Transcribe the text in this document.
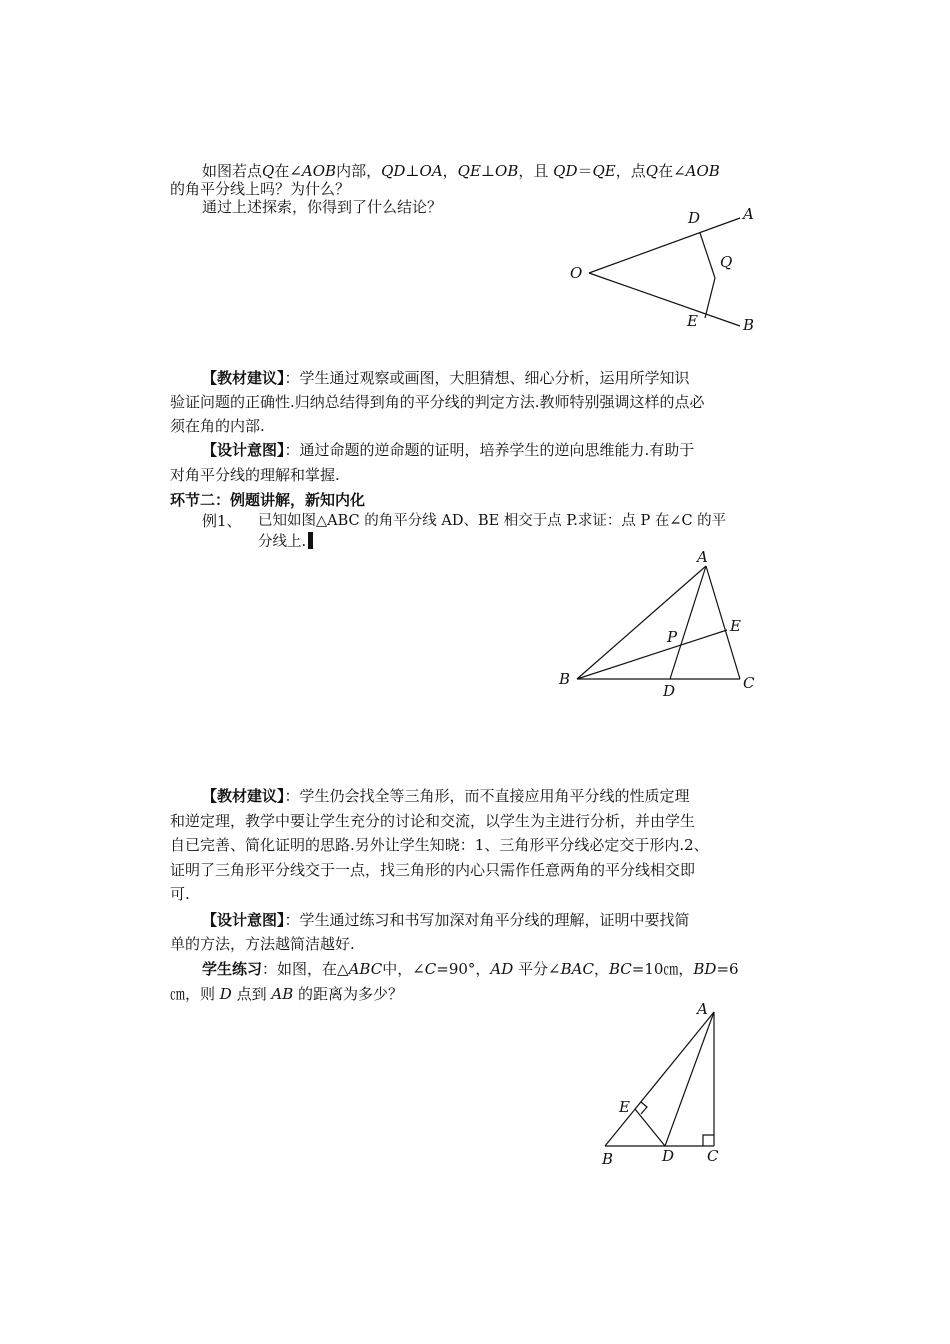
如图若点Q在∠AOB内部，QD⊥OA，QE⊥OB，且 QD＝QE，点Q在∠AOB
的角平分线上吗？为什么？
通过上述探索，你得到了什么结论？
O
A
B
D
E
Q
【教材建议】：学生通过观察或画图，大胆猜想、细心分析，运用所学知识
验证问题的正确性.归纳总结得到角的平分线的判定方法.教师特别强调这样的点必
须在角的内部.
【设计意图】：通过命题的逆命题的证明，培养学生的逆向思维能力.有助于
对角平分线的理解和掌握.
环节二：例题讲解，新知内化
例1、 已知如图△ABC 的角平分线 AD、BE 相交于点 P.求证：点 P 在∠C 的平
分线上.
A
B	C
D
E
P
【教材建议】：学生仍会找全等三角形，而不直接应用角平分线的性质定理
和逆定理，教学中要让学生充分的讨论和交流，以学生为主进行分析，并由学生
自已完善、简化证明的思路.另外让学生知晓：1、三角形平分线必定交于形内.2、
证明了三角形平分线交于一点，找三角形的内心只需作任意两角的平分线相交即
可.
【设计意图】：学生通过练习和书写加深对角平分线的理解，证明中要找简
单的方法，方法越简洁越好.
学生练习：如图，在△ABC中，∠C=90°，AD 平分∠BAC，BC=10㎝，BD=6
㎝，则 D 点到 AB 的距离为多少？
A
B	C
D
E
